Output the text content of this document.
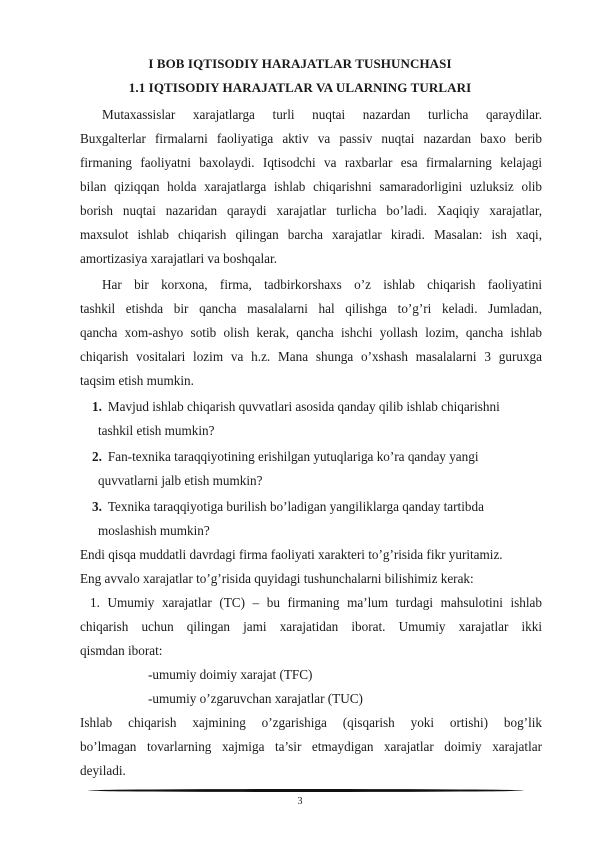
I BOB IQTISODIY HARAJATLAR TUSHUNCHASI
1.1 IQTISODIY HARAJATLAR VA ULARNING TURLARI
Mutaxassislar xarajatlarga turli nuqtai nazardan turlicha qaraydilar.
Buxgalterlar firmalarni faoliyatiga aktiv va passiv nuqtai nazardan baxo berib
firmaning faoliyatni baxolaydi. Iqtisodchi va raxbarlar esa firmalarning kelajagi
bilan qiziqqan holda xarajatlarga ishlab chiqarishni samaradorligini uzluksiz olib
borish nuqtai nazaridan qaraydi xarajatlar turlicha bo’ladi. Xaqiqiy xarajatlar,
maxsulot ishlab chiqarish qilingan barcha xarajatlar kiradi. Masalan: ish xaqi,
amortizasiya xarajatlari va boshqalar.
Har bir korxona, firma, tadbirkorshaxs o’z ishlab chiqarish faoliyatini
tashkil etishda bir qancha masalalarni hal qilishga to’g’ri keladi. Jumladan,
qancha xom-ashyo sotib olish kerak, qancha ishchi yollash lozim, qancha ishlab
chiqarish vositalari lozim va h.z. Mana shunga o’xshash masalalarni 3 guruxga
taqsim etish mumkin.
1. Mavjud ishlab chiqarish quvvatlari asosida qanday qilib ishlab chiqarishni
tashkil etish mumkin?
2. Fan-texnika taraqqiyotining erishilgan yutuqlariga ko’ra qanday yangi
quvvatlarni jalb etish mumkin?
3. Texnika taraqqiyotiga burilish bo’ladigan yangiliklarga qanday tartibda
moslashish mumkin?
Endi qisqa muddatli davrdagi firma faoliyati xarakteri to’g’risida fikr yuritamiz.
Eng avvalo xarajatlar to’g’risida quyidagi tushunchalarni bilishimiz kerak:
1. Umumiy xarajatlar (TC) – bu firmaning ma’lum turdagi mahsulotini ishlab
chiqarish uchun qilingan jami xarajatidan iborat. Umumiy xarajatlar ikki
qismdan iborat:
-umumiy doimiy xarajat (TFC)
-umumiy o’zgaruvchan xarajatlar (TUC)
Ishlab chiqarish xajmining o’zgarishiga (qisqarish yoki ortishi) bog’lik
bo’lmagan tovarlarning xajmiga ta’sir etmaydigan xarajatlar doimiy xarajatlar
deyiladi.
3
